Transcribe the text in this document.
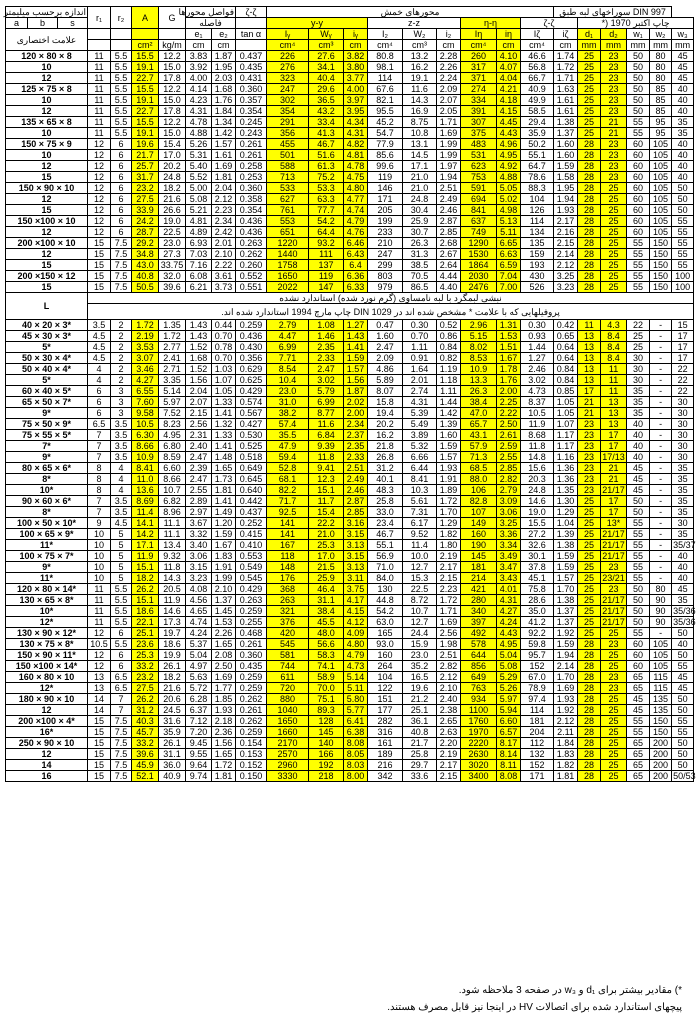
اندازه برحسب میلیمتر			r₁	r₂	A	G	فواصل محورها		ζ-ζ	محورهای خمش									سوراخهای لبه طبق DIN 997					
a	b	s					فاصله			y-y			z-z			η-η		ζ-ζ		چاپ اکتبر 1970 (*				
علامت اختصاری							e₁	e₂	tan α	Iᵧ	Wᵧ	iᵧ	I₂	W₂	i₂	Iη	iη	Iζ	iζ	d₁	d₂	w₁	w₂	w₃
					cm²	kg/m	cm	cm		cm⁴	cm³	cm	cm⁴	cm³	cm	cm⁴	cm	cm⁴	cm	mm	mm	mm	mm	mm
120 × 80 × 8			11	5.5	15.5	12.2	3.83	1.87	0.437	226	27.6	3.82	80.8	13.2	2.28	260	4.10	46.6	1.74	25	23	50	80	45
10			11	5.5	19.1	15.0	3.92	1.95	0.435	276	34.1	3.80	98.1	16.2	2.26	317	4.07	56.8	1.72	25	23	50	80	45
12			11	5.5	22.7	17.8	4.00	2.03	0.431	323	40.4	3.77	114	19.1	2.24	371	4.04	66.7	1.71	25	23	50	80	45
125 × 75 × 8			11	5.5	15.5	12.2	4.14	1.68	0.360	247	29.6	4.00	67.6	11.6	2.09	274	4.21	40.9	1.63	25	23	50	85	40
10			11	5.5	19.1	15.0	4.23	1.76	0.357	302	36.5	3.97	82.1	14.3	2.07	334	4.18	49.9	1.61	25	23	50	85	40
12			11	5.5	22.7	17.8	4.31	1.84	0.354	354	43.2	3.95	95.5	16.9	2.05	391	4.15	58.5	1.61	25	23	50	85	40
135 × 65 × 8			11	5.5	15.5	12.2	4.78	1.34	0.245	291	33.4	4.34	45.2	8.75	1.71	307	4.45	29.4	1.38	25	21	55	95	35
10			11	5.5	19.1	15.0	4.88	1.42	0.243	356	41.3	4.31	54.7	10.8	1.69	375	4.43	35.9	1.37	25	21	55	95	35
150 × 75 × 9			12	6	19.6	15.4	5.26	1.57	0.261	455	46.7	4.82	77.9	13.1	1.99	483	4.96	50.2	1.60	28	23	60	105	40
10			12	6	21.7	17.0	5.31	1.61	0.261	501	51.6	4.81	85.6	14.5	1.99	531	4.95	55.1	1.60	28	23	60	105	40
12			12	6	25.7	20.2	5.40	1.69	0.258	588	61.3	4.78	99.6	17.1	1.97	623	4.92	64.7	1.59	28	23	60	105	40
15			12	6	31.7	24.8	5.52	1.81	0.253	713	75.2	4.75	119	21.0	1.94	753	4.88	78.6	1.58	28	23	60	105	40
150 × 90 × 10			12	6	23.2	18.2	5.00	2.04	0.360	533	53.3	4.80	146	21.0	2.51	591	5.05	88.3	1.95	28	25	60	105	50
12			12	6	27.5	21.6	5.08	2.12	0.358	627	63.3	4.77	171	24.8	2.49	694	5.02	104	1.94	28	25	60	105	50
15			12	6	33.9	26.6	5.21	2.23	0.354	761	77.7	4.74	205	30.4	2.46	841	4.98	126	1.93	28	25	60	105	50
150 ×100 × 10			12	6	24.2	19.0	4.81	2.34	0.436	553	54.2	4.79	199	25.9	2.87	637	5.13	114	2.17	28	25	60	105	55
12			12	6	28.7	22.5	4.89	2.42	0.436	651	64.4	4.76	233	30.7	2.85	749	5.11	134	2.16	28	25	60	105	55
200 ×100 × 10			15	7.5	29.2	23.0	6.93	2.01	0.263	1220	93.2	6.46	210	26.3	2.68	1290	6.65	135	2.15	28	25	55	150	55
12			15	7.5	34.8	27.3	7.03	2.10	0.262	1440	111	6.43	247	31.3	2.67	1530	6.63	159	2.14	28	25	55	150	55
15			15	7.5	43.0	33.75	7.16	2.22	0.260	1758	137	6.4	299	38.5	2.64	1864	6.59	193	2.12	28	25	55	150	55
200 ×150 × 12			15	7.5	40.8	32.0	6.08	3.61	0.552	1650	119	6.36	803	70.5	4.44	2030	7.04	430	3.25	28	25	55	150	100
15			15	7.5	50.5	39.6	6.21	3.73	0.551	2022	147	6.33	979	86.5	4.40	2476	7.00	526	3.23	28	25	55	150	100
L			نبشی لبمگرد با لبه نامساوی (گرم نورد شده) استاندارد نشده																					
			پروفیلهایی که با علامت * مشخص شده اند در DIN 1029 چاپ مارچ 1994 استاندارد شده اند.																					
40 × 20 × 3*			3.5	2	1.72	1.35	1.43	0.44	0.259	2.79	1.08	1.27	0.47	0.30	0.52	2.96	1.31	0.30	0.42	11	4.3	22	-	15
45 × 30 × 3*			4.5	2	2.19	1.72	1.43	0.70	0.436	4.47	1.46	1.43	1.60	0.70	0.86	5.15	1.53	0.93	0.65	13	8.4	25	-	17
5*			4.5	2	3.53	2.77	1.52	0.78	0.430	6.99	2.35	1.41	2.47	1.11	0.84	8.02	1.51	1.44	0.64	13	8.4	25	-	17
50 × 30 × 4*			4.5	2	3.07	2.41	1.68	0.70	0.356	7.71	2.33	1.59	2.09	0.91	0.82	8.53	1.67	1.27	0.64	13	8.4	30	-	17
50 × 40 × 4*			4	2	3.46	2.71	1.52	1.03	0.629	8.54	2.47	1.57	4.86	1.64	1.19	10.9	1.78	2.46	0.84	13	11	30	-	22
5*			4	2	4.27	3.35	1.56	1.07	0.625	10.4	3.02	1.56	5.89	2.01	1.18	13.3	1.76	3.02	0.84	13	11	30	-	22
60 × 40 × 5*			6	3	6.55	5.14	2.04	1.05	0.429	23.0	5.79	1.87	8.07	2.74	1.11	26.3	2.00	4.73	0.85	17	11	35	-	22
65 × 50 × 7*			6	3	7.60	5.97	2.07	1.33	0.574	31.0	6.99	2.02	15.8	4.31	1.44	38.4	2.25	8.37	1.05	21	13	35	-	30
9*			6	3	9.58	7.52	2.15	1.41	0.567	38.2	8.77	2.00	19.4	5.39	1.42	47.0	2.22	10.5	1.05	21	13	35	-	30
75 × 50 × 9*			6.5	3.5	10.5	8.23	2.56	1.32	0.427	57.4	11.6	2.34	20.2	5.49	1.39	65.7	2.50	11.9	1.07	23	13	40	-	30
75 × 55 × 5*			7	3.5	6.30	4.95	2.31	1.33	0.530	35.5	6.84	2.37	16.2	3.89	1.60	43.1	2.61	8.68	1.17	23	17	40	-	30
7*			7	3.5	8.66	6.80	2.40	1.41	0.525	47.9	9.39	2.35	21.8	5.32	1.59	57.9	2.59	11.8	1.17	23	17	40	-	30
9*			7	3.5	10.9	8.59	2.47	1.48	0.518	59.4	11.8	2.33	26.8	6.66	1.57	71.3	2.55	14.8	1.16	23	17/13	40	-	30
80 × 65 × 6*			8	4	8.41	6.60	2.39	1.65	0.649	52.8	9.41	2.51	31.2	6.44	1.93	68.5	2.85	15.6	1.36	23	21	45	-	35
8*			8	4	11.0	8.66	2.47	1.73	0.645	68.1	12.3	2.49	40.1	8.41	1.91	88.0	2.82	20.3	1.36	23	21	45	-	35
10*			8	4	13.6	10.7	2.55	1.81	0.640	82.2	15.1	2.46	48.3	10.3	1.89	106	2.79	24.8	1.35	23	21/17	45	-	35
90 × 60 × 6*			7	3.5	8.69	6.82	2.89	1.41	0.442	71.7	11.7	2.87	25.8	5.61	1.72	82.8	3.09	14.6	1.30	25	17	50	-	35
8*			7	3.5	11.4	8.96	2.97	1.49	0.437	92.5	15.4	2.85	33.0	7.31	1.70	107	3.06	19.0	1.29	25	17	50	-	35
100 × 50 × 10*			9	4.5	14.1	11.1	3.67	1.20	0.252	141	22.2	3.16	23.4	6.17	1.29	149	3.25	15.5	1.04	25	13*	55	-	30
100 × 65 × 9*			10	5	14.2	11.1	3.32	1.59	0.415	141	21.0	3.15	46.7	9.52	1.82	160	3.36	27.2	1.39	25	21/17	55	-	35
11*			10	5	17.1	13.4	3.40	1.67	0.410	167	25.3	3.13	55.1	11.4	1.80	190	3.34	32.6	1.38	25	21/17	55	-	35/37
100 × 75 × 7*			10	5	11.9	9.32	3.06	1.83	0.553	118	17.0	3.15	56.9	10.0	2.19	145	3.49	30.1	1.59	25	21/17	55	-	40
9*			10	5	15.1	11.8	3.15	1.91	0.549	148	21.5	3.13	71.0	12.7	2.17	181	3.47	37.8	1.59	25	23	55	-	40
11*			10	5	18.2	14.3	3.23	1.99	0.545	176	25.9	3.11	84.0	15.3	2.15	214	3.43	45.1	1.57	25	23/21	55	-	40
120 × 80 × 14*			11	5.5	26.2	20.5	4.08	2.10	0.429	368	46.4	3.75	130	22.5	2.23	421	4.01	75.8	1.70	25	23	50	80	45
130 × 65 × 8*			11	5.5	15.1	11.9	4.56	1.37	0.263	263	31.1	4.17	44.8	8.72	1.72	280	4.31	28.6	1.38	25	21/17	50	90	35
10*			11	5.5	18.6	14.6	4.65	1.45	0.259	321	38.4	4.15	54.2	10.7	1.71	340	4.27	35.0	1.37	25	21/17	50	90	35/36
12*			11	5.5	22.1	17.3	4.74	1.53	0.255	376	45.5	4.12	63.0	12.7	1.69	397	4.24	41.2	1.37	25	21/17	50	90	35/36
130 × 90 × 12*			12	6	25.1	19.7	4.24	2.26	0.468	420	48.0	4.09	165	24.4	2.56	492	4.43	92.2	1.92	25	25	55	-	50
130 × 75 × 8*			10.5	5.5	23.6	18.6	5.37	1.65	0.261	545	56.6	4.80	93.0	15.9	1.98	578	4.95	59.8	1.59	28	23	60	105	40
150 × 90 × 11*			12	6	25.3	19.9	5.04	2.08	0.360	581	58.3	4.79	160	23.0	2.51	644	5.04	95.7	1.94	28	25	60	105	50
150 ×100 × 14*			12	6	33.2	26.1	4.97	2.50	0.435	744	74.1	4.73	264	35.2	2.82	856	5.08	152	2.14	28	25	60	105	55
160 × 80 × 10			13	6.5	23.2	18.2	5.63	1.69	0.259	611	58.9	5.14	104	16.5	2.12	649	5.29	67.0	1.70	28	23	65	115	45
12*			13	6.5	27.5	21.6	5.72	1.77	0.259	720	70.0	5.11	122	19.6	2.10	763	5.26	78.9	1.69	28	23	65	115	45
180 × 90 × 10			14	7	26.2	20.6	6.28	1.85	0.262	880	75.1	5.80	151	21.2	2.40	934	5.97	97.4	1.93	28	25	45	135	50
12			14	7	31.2	24.5	6.37	1.93	0.261	1040	89.3	5.77	177	25.1	2.38	1100	5.94	114	1.92	28	25	45	135	50
200 ×100 × 4*			15	7.5	40.3	31.6	7.12	2.18	0.262	1650	128	6.41	282	36.1	2.65	1760	6.60	181	2.12	28	25	55	150	55
16*			15	7.5	45.7	35.9	7.20	2.36	0.259	1660	145	6.38	316	40.8	2.63	1970	6.57	204	2.11	28	25	55	150	55
250 × 90 × 10			15	7.5	33.2	26.1	9.45	1.56	0.154	2170	140	8.08	161	21.7	2.20	2220	8.17	112	1.84	28	25	65	200	50
12			15	7.5	39.6	31.1	9.55	1.65	0.153	2570	166	8.05	189	25.8	2.19	2630	8.14	132	1.83	28	25	65	200	50
14			15	7.5	45.9	36.0	9.64	1.72	0.152	2960	192	8.03	216	29.7	2.17	3020	8.11	152	1.82	28	25	65	200	50
16			15	7.5	52.1	40.9	9.74	1.81	0.150	3330	218	8.00	342	33.6	2.15	3400	8.08	171	1.81	28	25	65	200	50/53
*) مقادیر بیشتر برای d₁ و w₃ در صفحه 3 ملاحظه شود.
پیچهای استاندارد شده برای اتصالات HV در اینجا نیز قابل مصرف هستند.
